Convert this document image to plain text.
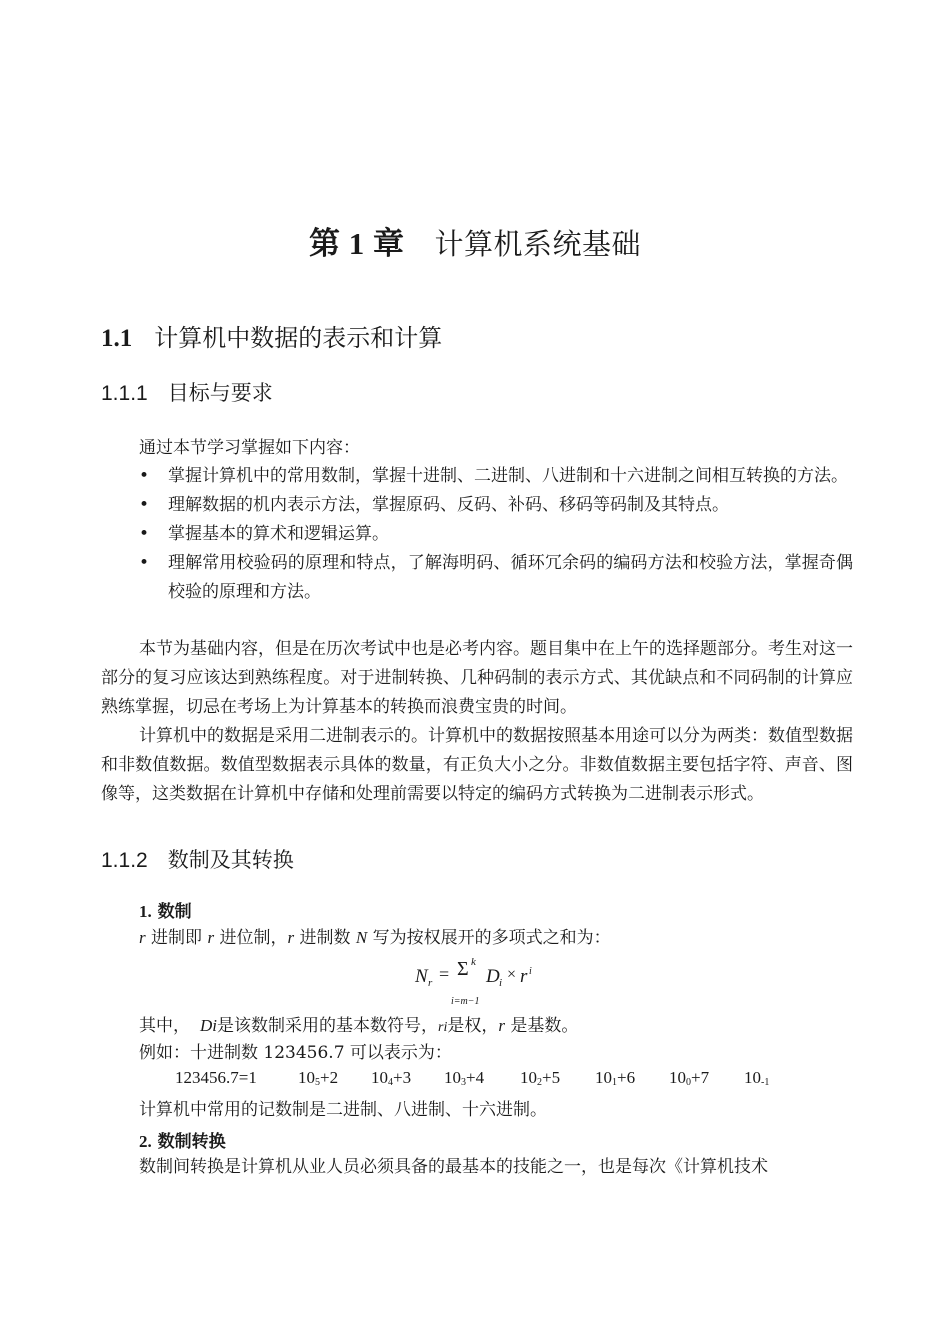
第 1 章 计算机系统基础
1.1 计算机中数据的表示和计算
1.1.1 目标与要求
通过本节学习掌握如下内容：
• 掌握计算机中的常用数制，掌握十进制、二进制、八进制和十六进制之间相互转换的方法。
• 理解数据的机内表示方法，掌握原码、反码、补码、移码等码制及其特点。
• 掌握基本的算术和逻辑运算。
• 理解常用校验码的原理和特点，了解海明码、循环冗余码的编码方法和校验方法，掌握奇偶校验的原理和方法。

本节为基础内容，但是在历次考试中也是必考内容。题目集中在上午的选择题部分。考生对这一部分的复习应该达到熟练程度。对于进制转换、几种码制的表示方式、其优缺点和不同码制的计算应熟练掌握，切忌在考场上为计算基本的转换而浪费宝贵的时间。

计算机中的数据是采用二进制表示的。计算机中的数据按照基本用途可以分为两类：数值型数据和非数值数据。数值型数据表示具体的数量，有正负大小之分。非数值数据主要包括字符、声音、图像等，这类数据在计算机中存储和处理前需要以特定的编码方式转换为二进制表示形式。

1.1.2 数制及其转换
1. 数制
r 进制即 r 进位制，r 进制数 N 写为按权展开的多项式之和为：
N r = Σ k
D i × r i
i=m−1
其中， Di是该数制采用的基本数符号，ri是权，r 是基数。
例如：十进制数 123456.7 可以表示为：
123456.7=1 $10^5+2$ $10^4+3$ $10^3+4$ $10^2+5$ $10^1+6$ $10^0+7$ $10^{-1}$
计算机中常用的记数制是二进制、八进制、十六进制。
2. 数制转换
数制间转换是计算机从业人员必须具备的最基本的技能之一，也是每次《计算机技术
